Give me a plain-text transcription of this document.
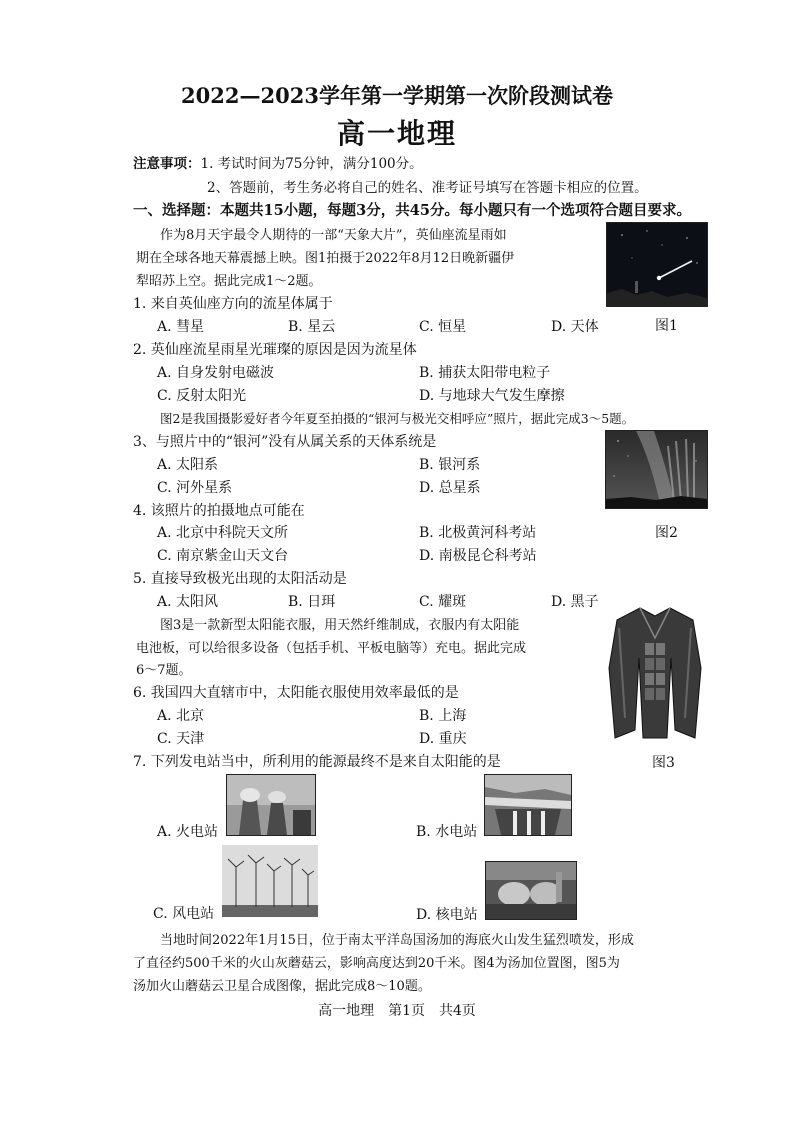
2022—2023学年第一学期第一次阶段测试卷
高一地理
注意事项：1. 考试时间为75分钟，满分100分。
2、答题前，考生务必将自己的姓名、准考证号填写在答题卡相应的位置。
一、选择题：本题共15小题，每题3分，共45分。每小题只有一个选项符合题目要求。
作为8月天宇最令人期待的一部“天象大片”，英仙座流星雨如
期在全球各地天幕震撼上映。图1拍摄于2022年8月12日晚新疆伊
犁昭苏上空。据此完成1～2题。
1. 来自英仙座方向的流星体属于
A. 彗星	B. 星云	C. 恒星	D. 天体	图1
2. 英仙座流星雨星光璀璨的原因是因为流星体
A. 自身发射电磁波	B. 捕获太阳带电粒子
C. 反射太阳光	D. 与地球大气发生摩擦
图2是我国摄影爱好者今年夏至拍摄的“银河与极光交相呼应”照片，据此完成3～5题。
3、与照片中的“银河”没有从属关系的天体系统是
A. 太阳系	B. 银河系
C. 河外星系	D. 总星系
4. 该照片的拍摄地点可能在
A. 北京中科院天文所	B. 北极黄河科考站	图2
C. 南京紫金山天文台	D. 南极昆仑科考站
5. 直接导致极光出现的太阳活动是
A. 太阳风	B. 日珥	C. 耀斑	D. 黑子
图3是一款新型太阳能衣服，用天然纤维制成，衣服内有太阳能
电池板，可以给很多设备（包括手机、平板电脑等）充电。据此完成
6～7题。
6. 我国四大直辖市中，太阳能衣服使用效率最低的是
A. 北京	B. 上海
C. 天津	D. 重庆
图3
7. 下列发电站当中，所利用的能源最终不是来自太阳能的是
A. 火电站	B. 水电站
C. 风电站	D. 核电站
当地时间2022年1月15日，位于南太平洋岛国汤加的海底火山发生猛烈喷发，形成
了直径约500千米的火山灰蘑菇云，影响高度达到20千米。图4为汤加位置图，图5为
汤加火山蘑菇云卫星合成图像，据此完成8～10题。
高一地理　第1页　共4页
